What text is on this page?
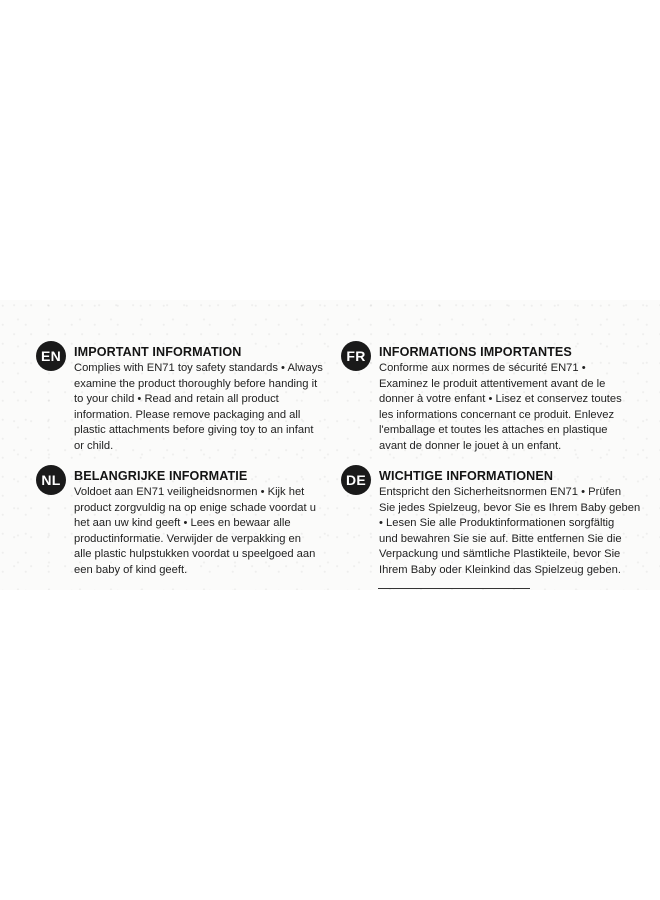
EN	IMPORTANT INFORMATION
Complies with EN71 toy safety standards • Always
examine the product thoroughly before handing it
to your child • Read and retain all product
information. Please remove packaging and all
plastic attachments before giving toy to an infant
or child.
FR	INFORMATIONS IMPORTANTES
Conforme aux normes de sécurité EN71 •
Examinez le produit attentivement avant de le
donner à votre enfant • Lisez et conservez toutes
les informations concernant ce produit. Enlevez
l'emballage et toutes les attaches en plastique
avant de donner le jouet à un enfant.
NL	BELANGRIJKE INFORMATIE
Voldoet aan EN71 veiligheidsnormen • Kijk het
product zorgvuldig na op enige schade voordat u
het aan uw kind geeft • Lees en bewaar alle
productinformatie. Verwijder de verpakking en
alle plastic hulpstukken voordat u speelgoed aan
een baby of kind geeft.
DE	WICHTIGE INFORMATIONEN
Entspricht den Sicherheitsnormen EN71 • Prüfen
Sie jedes Spielzeug, bevor Sie es Ihrem Baby geben
• Lesen Sie alle Produktinformationen sorgfältig
und bewahren Sie sie auf. Bitte entfernen Sie die
Verpackung und sämtliche Plastikteile, bevor Sie
Ihrem Baby oder Kleinkind das Spielzeug geben.
